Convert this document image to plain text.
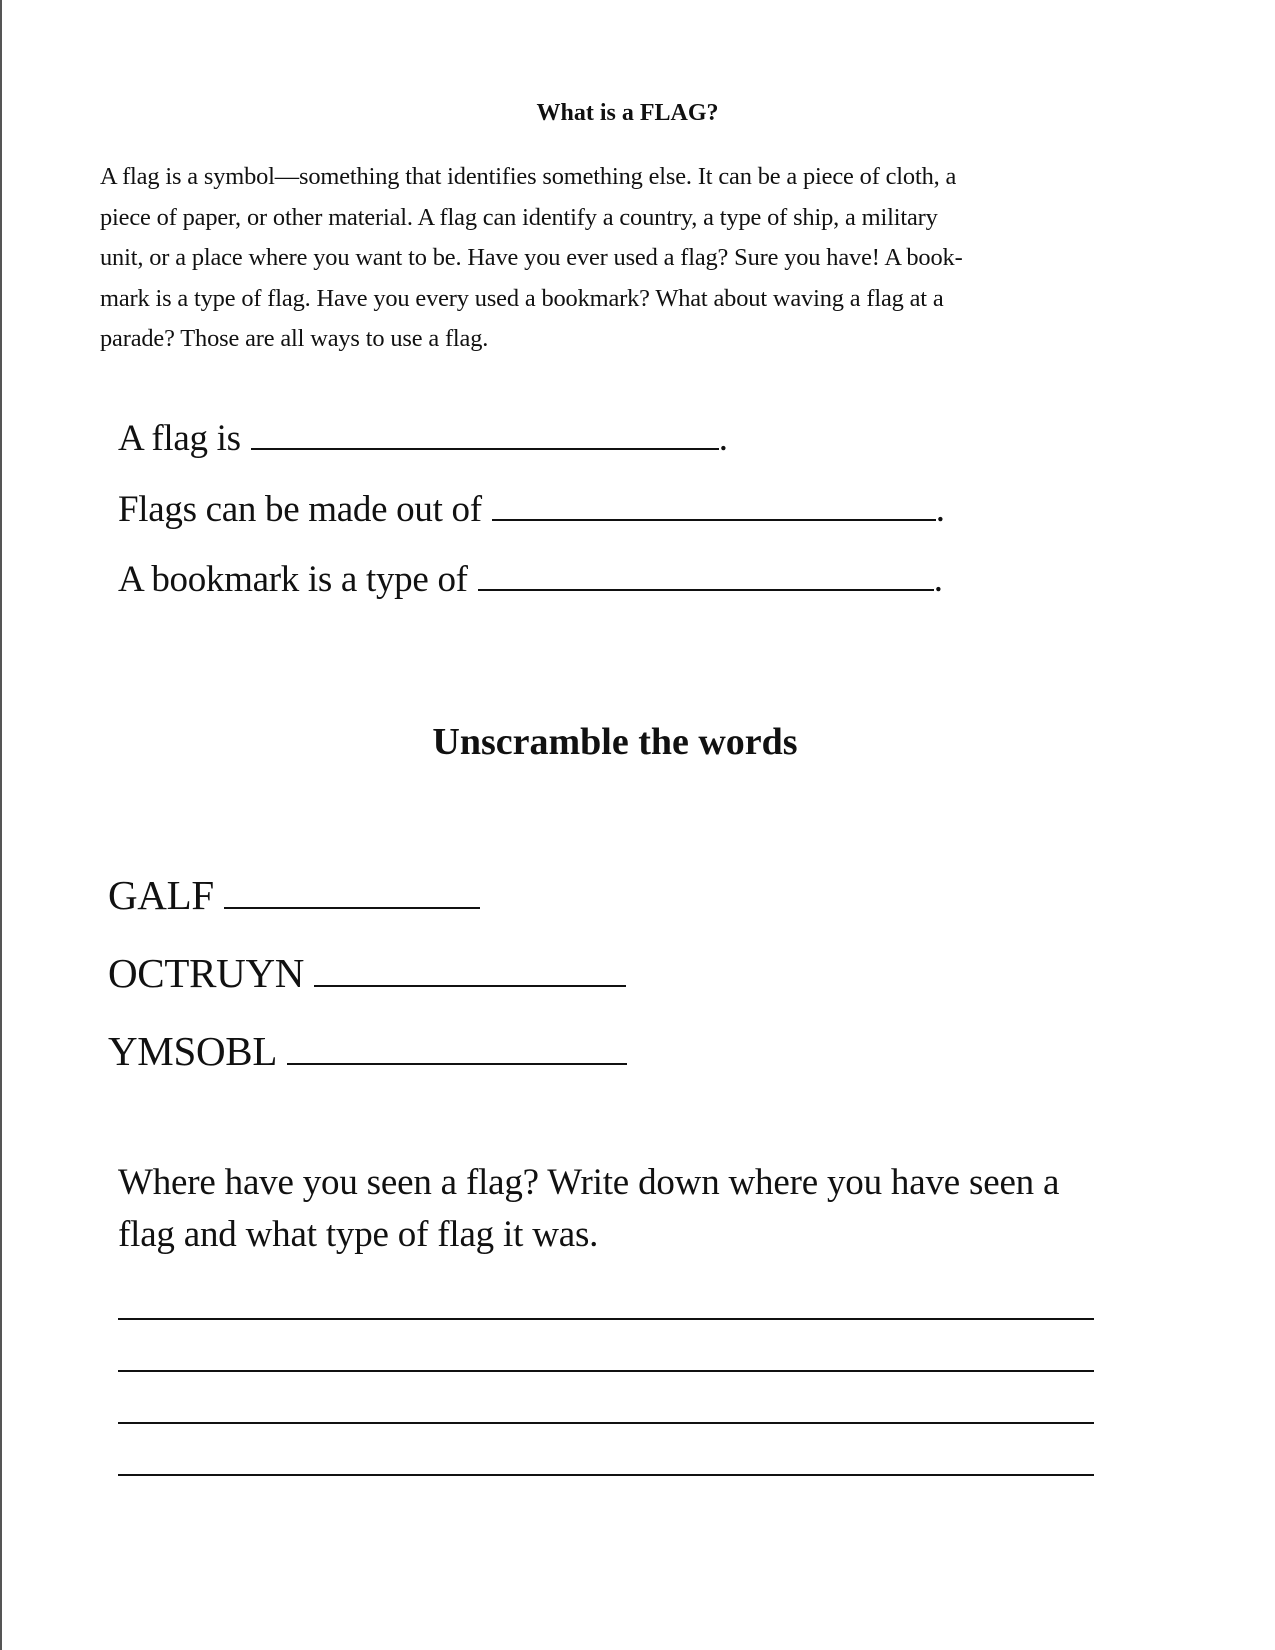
What is a FLAG?
A flag is a symbol—something that identifies something else. It can be a piece of cloth, a
piece of paper, or other material. A flag can identify a country, a type of ship, a military
unit, or a place where you want to be. Have you ever used a flag? Sure you have! A book-
mark is a type of flag. Have you every used a bookmark? What about waving a flag at a
parade? Those are all ways to use a flag.
A flag is	.
Flags can be made out of	.
A bookmark is a type of	.
Unscramble the words
GALF
OCTRUYN
YMSOBL
Where have you seen a flag? Write down where you have seen a
flag and what type of flag it was.
